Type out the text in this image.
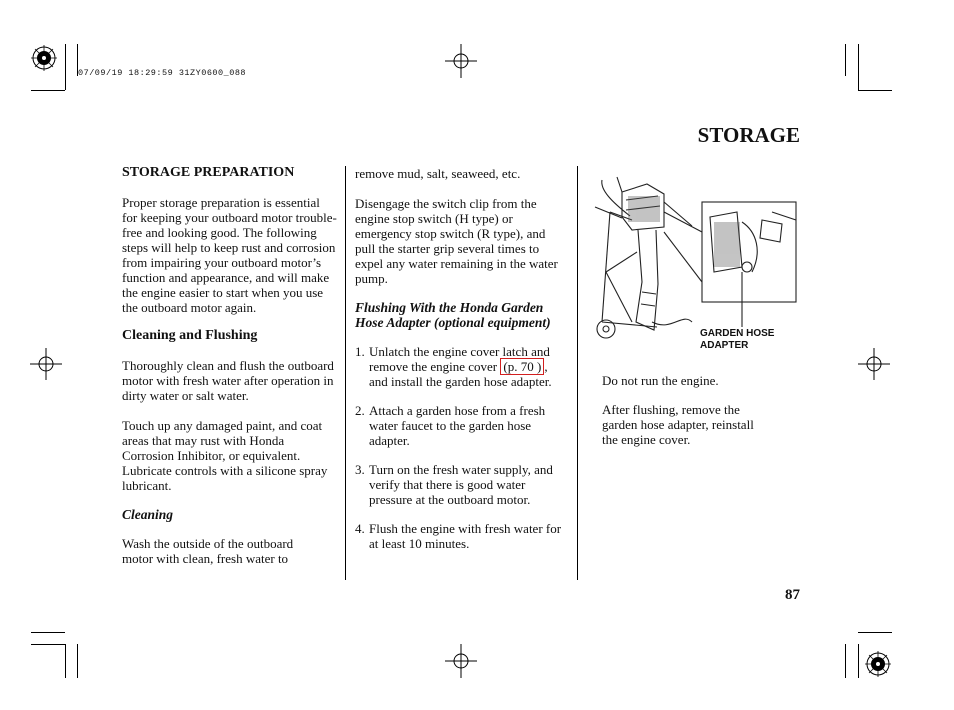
07/09/19 18:29:59 31ZY0600_088
STORAGE

STORAGE PREPARATION

Proper storage preparation is essential for keeping your outboard motor trouble-free and looking good. The following steps will help to keep rust and corrosion from impairing your outboard motor’s function and appearance, and will make the engine easier to start when you use the outboard motor again.

Cleaning and Flushing

Thoroughly clean and flush the outboard motor with fresh water after operation in dirty water or salt water.

Touch up any damaged paint, and coat areas that may rust with Honda Corrosion Inhibitor, or equivalent. Lubricate controls with a silicone spray lubricant.

Cleaning

Wash the outside of the outboard motor with clean, fresh water to

remove mud, salt, seaweed, etc.

Disengage the switch clip from the engine stop switch (H type) or emergency stop switch (R type), and pull the starter grip several times to expel any water remaining in the water pump.

Flushing With the Honda Garden Hose Adapter (optional equipment)

1. Unlatch the engine cover latch and remove the engine cover (p. 70 ) , and install the garden hose adapter.
2. Attach a garden hose from a fresh water faucet to the garden hose adapter.
3. Turn on the fresh water supply, and verify that there is good water pressure at the outboard motor.
4. Flush the engine with fresh water for at least 10 minutes.
GARDEN HOSE
ADAPTER

Do not run the engine.

After flushing, remove the garden hose adapter, reinstall the engine cover.

87
